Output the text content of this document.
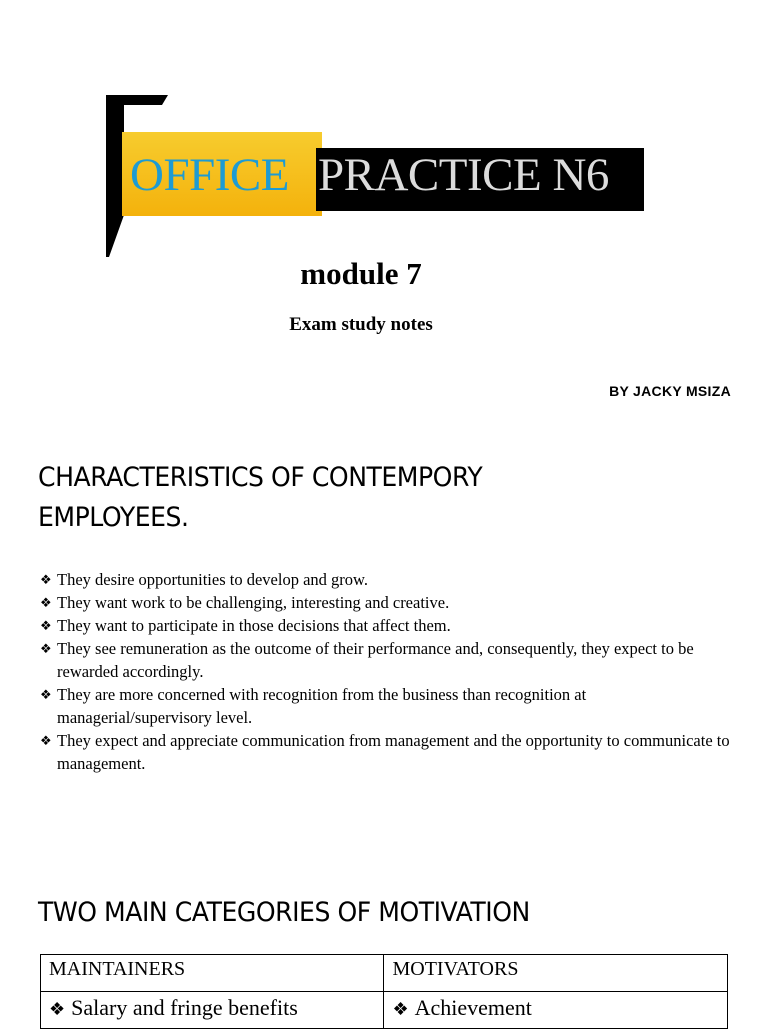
OFFICE PRACTICE N6
module 7
Exam study notes
BY JACKY MSIZA
CHARACTERISTICS OF CONTEMPORY
EMPLOYEES.
❖ They desire opportunities to develop and grow.
❖ They want work to be challenging, interesting and creative.
❖ They want to participate in those decisions that affect them.
❖ They see remuneration as the outcome of their performance and, consequently, they expect to be rewarded accordingly.
❖ They are more concerned with recognition from the business than recognition at managerial/supervisory level.
❖ They expect and appreciate communication from management and the opportunity to communicate to management.
TWO MAIN CATEGORIES OF MOTIVATION
MAINTAINERS	MOTIVATORS
❖ Salary and fringe benefits	❖ Achievement
